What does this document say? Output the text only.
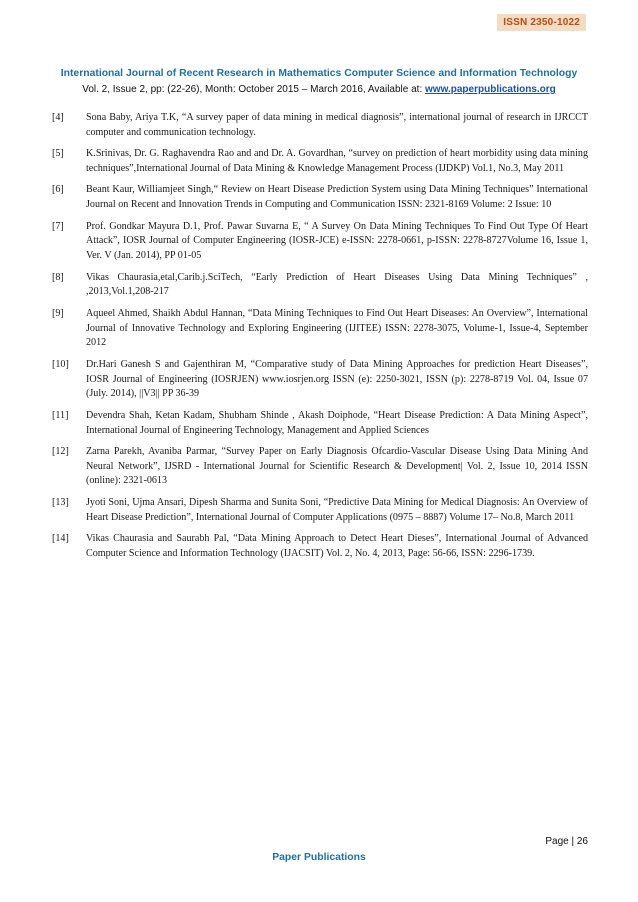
ISSN 2350-1022
International Journal of Recent Research in Mathematics Computer Science and Information Technology
Vol. 2, Issue 2, pp: (22-26), Month: October 2015 – March 2016, Available at: www.paperpublications.org
[4]	Sona Baby, Ariya T.K, “A survey paper of data mining in medical diagnosis”, international journal of research in IJRCCT computer and communication technology.
[5]	K.Srinivas, Dr. G. Raghavendra Rao and and Dr. A. Govardhan, “survey on prediction of heart morbidity using data mining techniques”,International Journal of Data Mining & Knowledge Management Process (IJDKP) Vol.1, No.3, May 2011
[6]	Beant Kaur, Williamjeet Singh,“ Review on Heart Disease Prediction System using Data Mining Techniques” International Journal on Recent and Innovation Trends in Computing and Communication ISSN: 2321-8169 Volume: 2 Issue: 10
[7]	Prof. Gondkar Mayura D.1, Prof. Pawar Suvarna E, “ A Survey On Data Mining Techniques To Find Out Type Of Heart Attack”, IOSR Journal of Computer Engineering (IOSR-JCE) e-ISSN: 2278-0661, p-ISSN: 2278-8727Volume 16, Issue 1, Ver. V (Jan. 2014), PP 01-05
[8]	Vikas Chaurasia,etal,Carib.j.SciTech, “Early Prediction of Heart Diseases Using Data Mining Techniques” , ,2013,Vol.1,208-217
[9]	Aqueel Ahmed, Shaikh Abdul Hannan, “Data Mining Techniques to Find Out Heart Diseases: An Overview”, International Journal of Innovative Technology and Exploring Engineering (IJITEE) ISSN: 2278-3075, Volume-1, Issue-4, September 2012
[10]	Dr.Hari Ganesh S and Gajenthiran M, “Comparative study of Data Mining Approaches for prediction Heart Diseases”, IOSR Journal of Engineering (IOSRJEN) www.iosrjen.org ISSN (e): 2250-3021, ISSN (p): 2278-8719 Vol. 04, Issue 07 (July. 2014), ||V3|| PP 36-39
[11]	Devendra Shah, Ketan Kadam, Shubham Shinde , Akash Doiphode, “Heart Disease Prediction: A Data Mining Aspect”, International Journal of Engineering Technology, Management and Applied Sciences
[12]	Zarna Parekh, Avaniba Parmar, “Survey Paper on Early Diagnosis Ofcardio-Vascular Disease Using Data Mining And Neural Network”, IJSRD - International Journal for Scientific Research & Development| Vol. 2, Issue 10, 2014 ISSN (online): 2321-0613
[13]	Jyoti Soni, Ujma Ansari, Dipesh Sharma and Sunita Soni, “Predictive Data Mining for Medical Diagnosis: An Overview of Heart Disease Prediction”, International Journal of Computer Applications (0975 – 8887) Volume 17– No.8, March 2011
[14]	Vikas Chaurasia and Saurabh Pal, “Data Mining Approach to Detect Heart Dieses”, International Journal of Advanced Computer Science and Information Technology (IJACSIT) Vol. 2, No. 4, 2013, Page: 56-66, ISSN: 2296-1739.
Page | 26
Paper Publications
